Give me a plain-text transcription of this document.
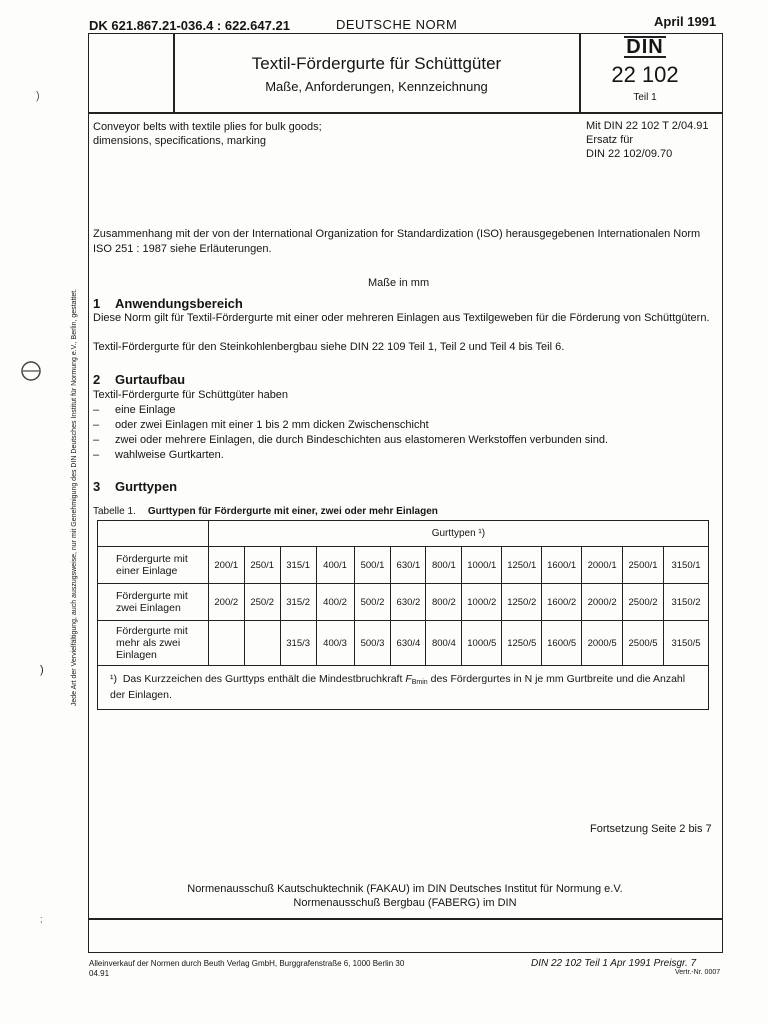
DK 621.867.21-036.4 : 622.647.21	DEUTSCHE NORM	April 1991
Textil-Fördergurte für Schüttgüter
Maße, Anforderungen, Kennzeichnung
DIN
22 102
Teil 1
Conveyor belts with textile plies for bulk goods;
dimensions, specifications, marking
Mit DIN 22 102 T 2/04.91
Ersatz für
DIN 22 102/09.70
Zusammenhang mit der von der International Organization for Standardization (ISO) herausgegebenen Internationalen Norm ISO 251 : 1987 siehe Erläuterungen.
Maße in mm
1 Anwendungsbereich
Diese Norm gilt für Textil-Fördergurte mit einer oder mehreren Einlagen aus Textilgeweben für die Förderung von Schüttgütern.
Textil-Fördergurte für den Steinkohlenbergbau siehe DIN 22 109 Teil 1, Teil 2 und Teil 4 bis Teil 6.
2 Gurtaufbau
Textil-Fördergurte für Schüttgüter haben
– eine Einlage
– oder zwei Einlagen mit einer 1 bis 2 mm dicken Zwischenschicht
– zwei oder mehrere Einlagen, die durch Bindeschichten aus elastomeren Werkstoffen verbunden sind.
– wahlweise Gurtkarten.
3 Gurttypen
Tabelle 1. Gurttypen für Fördergurte mit einer, zwei oder mehr Einlagen
	Gurttypen ¹)												
Fördergurte mit einer Einlage	200/1	250/1	315/1	400/1	500/1	630/1	800/1	1000/1	1250/1	1600/1	2000/1	2500/1	3150/1
Fördergurte mit zwei Einlagen	200/2	250/2	315/2	400/2	500/2	630/2	800/2	1000/2	1250/2	1600/2	2000/2	2500/2	3150/2
Fördergurte mit mehr als zwei Einlagen			315/3	400/3	500/3	630/4	800/4	1000/5	1250/5	1600/5	2000/5	2500/5	3150/5
¹) Das Kurzzeichen des Gurttyps enthält die Mindestbruchkraft FBmin des Fördergurtes in N je mm Gurtbreite und die Anzahl der Einlagen.													
Fortsetzung Seite 2 bis 7
Normenausschuß Kautschuktechnik (FAKAU) im DIN Deutsches Institut für Normung e.V.
Normenausschuß Bergbau (FABERG) im DIN
Alleinverkauf der Normen durch Beuth Verlag GmbH, Burggrafenstraße 6, 1000 Berlin 30
04.91
DIN 22 102 Teil 1 Apr 1991 Preisgr. 7
Vertr.-Nr. 0007
Jede Art der Vervielfältigung, auch auszugsweise, nur mit Genehmigung des DIN Deutsches Institut für Normung e.V., Berlin, gestattet.
)
)
;
